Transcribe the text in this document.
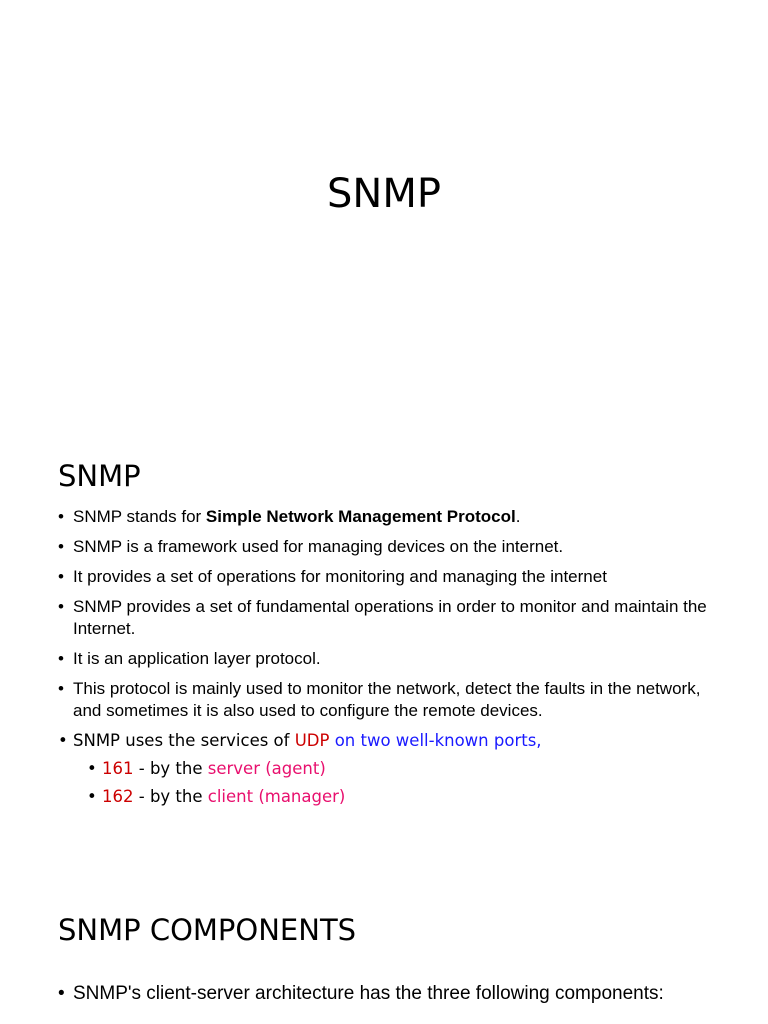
SNMP
SNMP
• SNMP stands for Simple Network Management Protocol.
• SNMP is a framework used for managing devices on the internet.
• It provides a set of operations for monitoring and managing the internet
• SNMP provides a set of fundamental operations in order to monitor and maintain the Internet.
• It is an application layer protocol.
• This protocol is mainly used to monitor the network, detect the faults in the network, and sometimes it is also used to configure the remote devices.
• SNMP uses the services of UDP on two well-known ports,
• 161 - by the server (agent)
• 162 - by the client (manager)
SNMP COMPONENTS
• SNMP's client-server architecture has the three following components:
